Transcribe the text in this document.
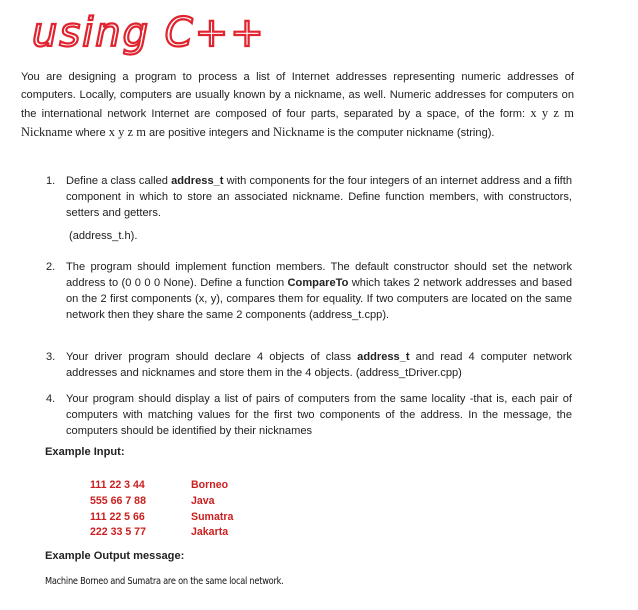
using C++
You are designing a program to process a list of Internet addresses representing numeric addresses of computers. Locally, computers are usually known by a nickname, as well. Numeric addresses for computers on the international network Internet are composed of four parts, separated by a space, of the form: x y z m Nickname where x y z m are positive integers and Nickname is the computer nickname (string).
1. Define a class called address_t with components for the four integers of an internet address and a fifth component in which to store an associated nickname. Define function members, with constructors, setters and getters.
(address_t.h).
2. The program should implement function members. The default constructor should set the network address to (0 0 0 0 None). Define a function CompareTo which takes 2 network addresses and based on the 2 first components (x, y), compares them for equality. If two computers are located on the same network then they share the same 2 components (address_t.cpp).
3. Your driver program should declare 4 objects of class address_t and read 4 computer network addresses and nicknames and store them in the 4 objects. (address_tDriver.cpp)
4. Your program should display a list of pairs of computers from the same locality -that is, each pair of computers with matching values for the first two components of the address. In the message, the computers should be identified by their nicknames
Example Input:
111 22 3 44	Borneo
555 66 7 88	Java
111 22 5 66	Sumatra
222 33 5 77	Jakarta
Example Output message:
Machine Borneo and Sumatra are on the same local network.
